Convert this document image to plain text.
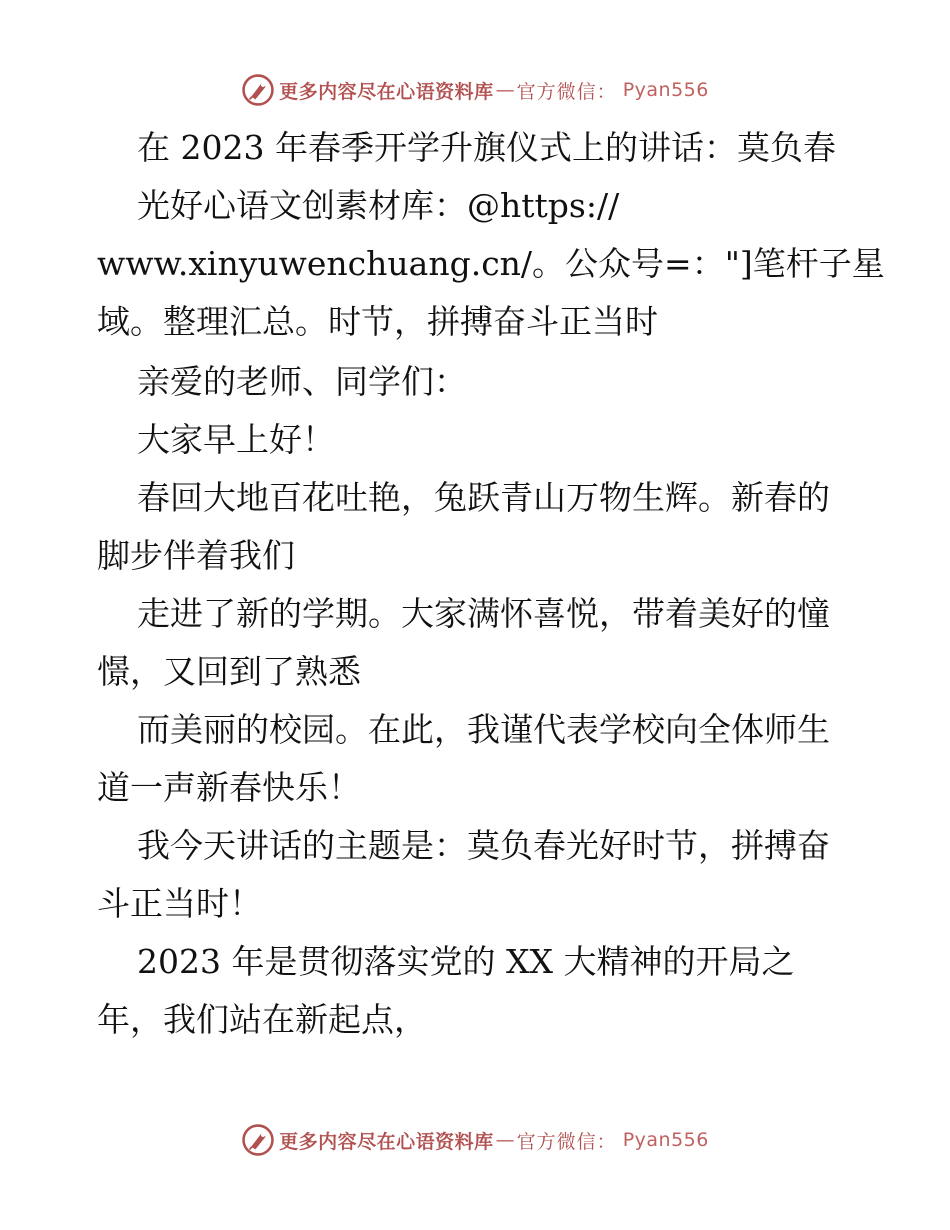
更多内容尽在心语资料库 — 官方微信： Pyan556
在 2023 年春季开学升旗仪式上的讲话：莫负春
光好心语文创素材库：@https://
www.xinyuwenchuang.cn/。公众号=："]笔杆子星
域。整理汇总。时节，拼搏奋斗正当时
亲爱的老师、同学们：
大家早上好！
春回大地百花吐艳，兔跃青山万物生辉。新春的
脚步伴着我们
走进了新的学期。大家满怀喜悦，带着美好的憧
憬，又回到了熟悉
而美丽的校园。在此，我谨代表学校向全体师生
道一声新春快乐！
我今天讲话的主题是：莫负春光好时节，拼搏奋
斗正当时！
2023 年是贯彻落实党的 XX 大精神的开局之
年，我们站在新起点，
更多内容尽在心语资料库 — 官方微信： Pyan556
